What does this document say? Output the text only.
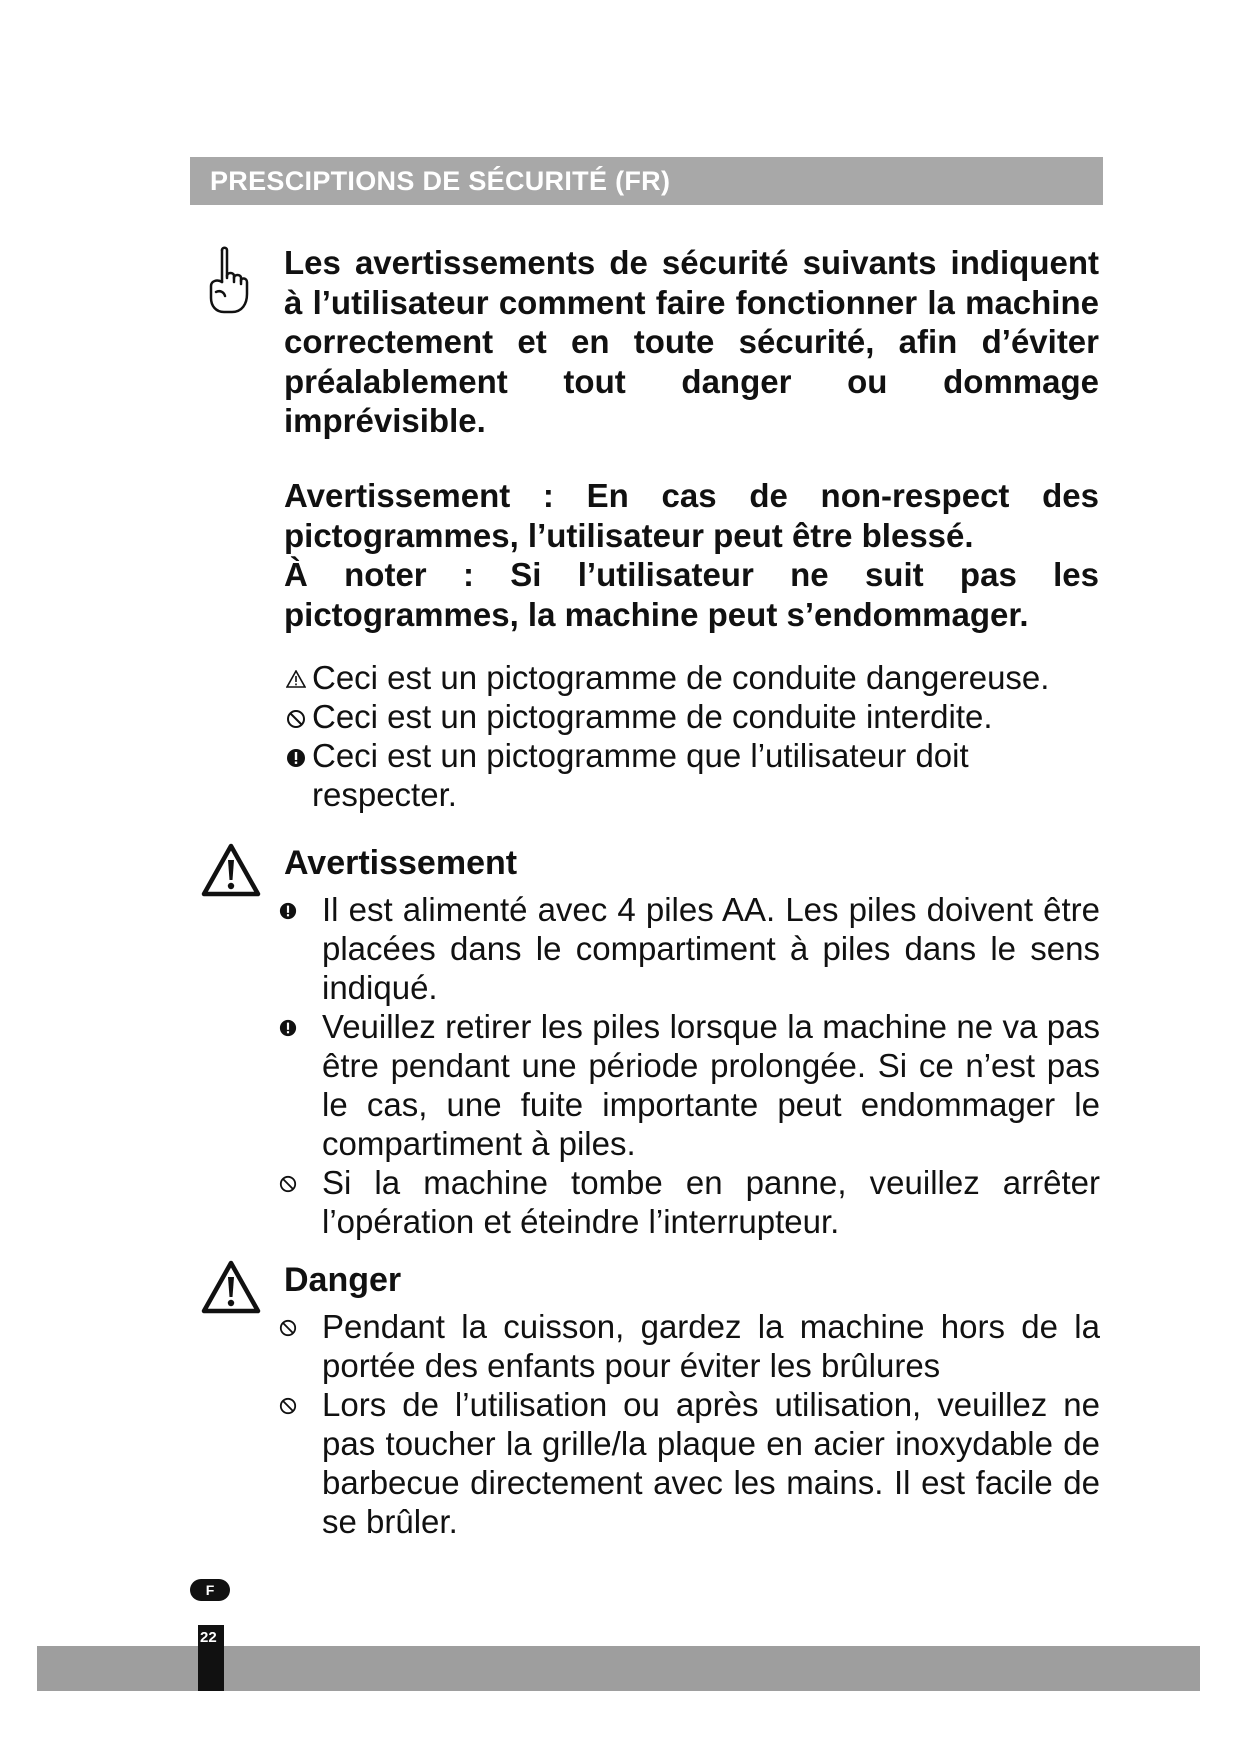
PRESCIPTIONS DE SÉCURITÉ (FR)

Les avertissements de sécurité suivants indiquent à l’utilisateur comment faire fonctionner la machine correctement et en toute sécurité, afin d’éviter préalablement tout danger ou dommage imprévisible.

Avertissement : En cas de non-respect des pictogrammes, l’utilisateur peut être blessé.
À noter : Si l’utilisateur ne suit pas les pictogrammes, la machine peut s’endommager.
Ceci est un pictogramme de conduite dangereuse.
Ceci est un pictogramme de conduite interdite.
Ceci est un pictogramme que l’utilisateur doit respecter.
Avertissement
Il est alimenté avec 4 piles AA. Les piles doivent être placées dans le compartiment à piles dans le sens indiqué.
Veuillez retirer les piles lorsque la machine ne va pas être pendant une période prolongée. Si ce n’est pas le cas, une fuite importante peut endommager le compartiment à piles.
Si la machine tombe en panne, veuillez arrêter l’opération et éteindre l’interrupteur.
Danger
Pendant la cuisson, gardez la machine hors de la portée des enfants pour éviter les brûlures
Lors de l’utilisation ou après utilisation, veuillez ne pas toucher la grille/la plaque en acier inoxydable de barbecue directement avec les mains. Il est facile de se brûler.
F

22
